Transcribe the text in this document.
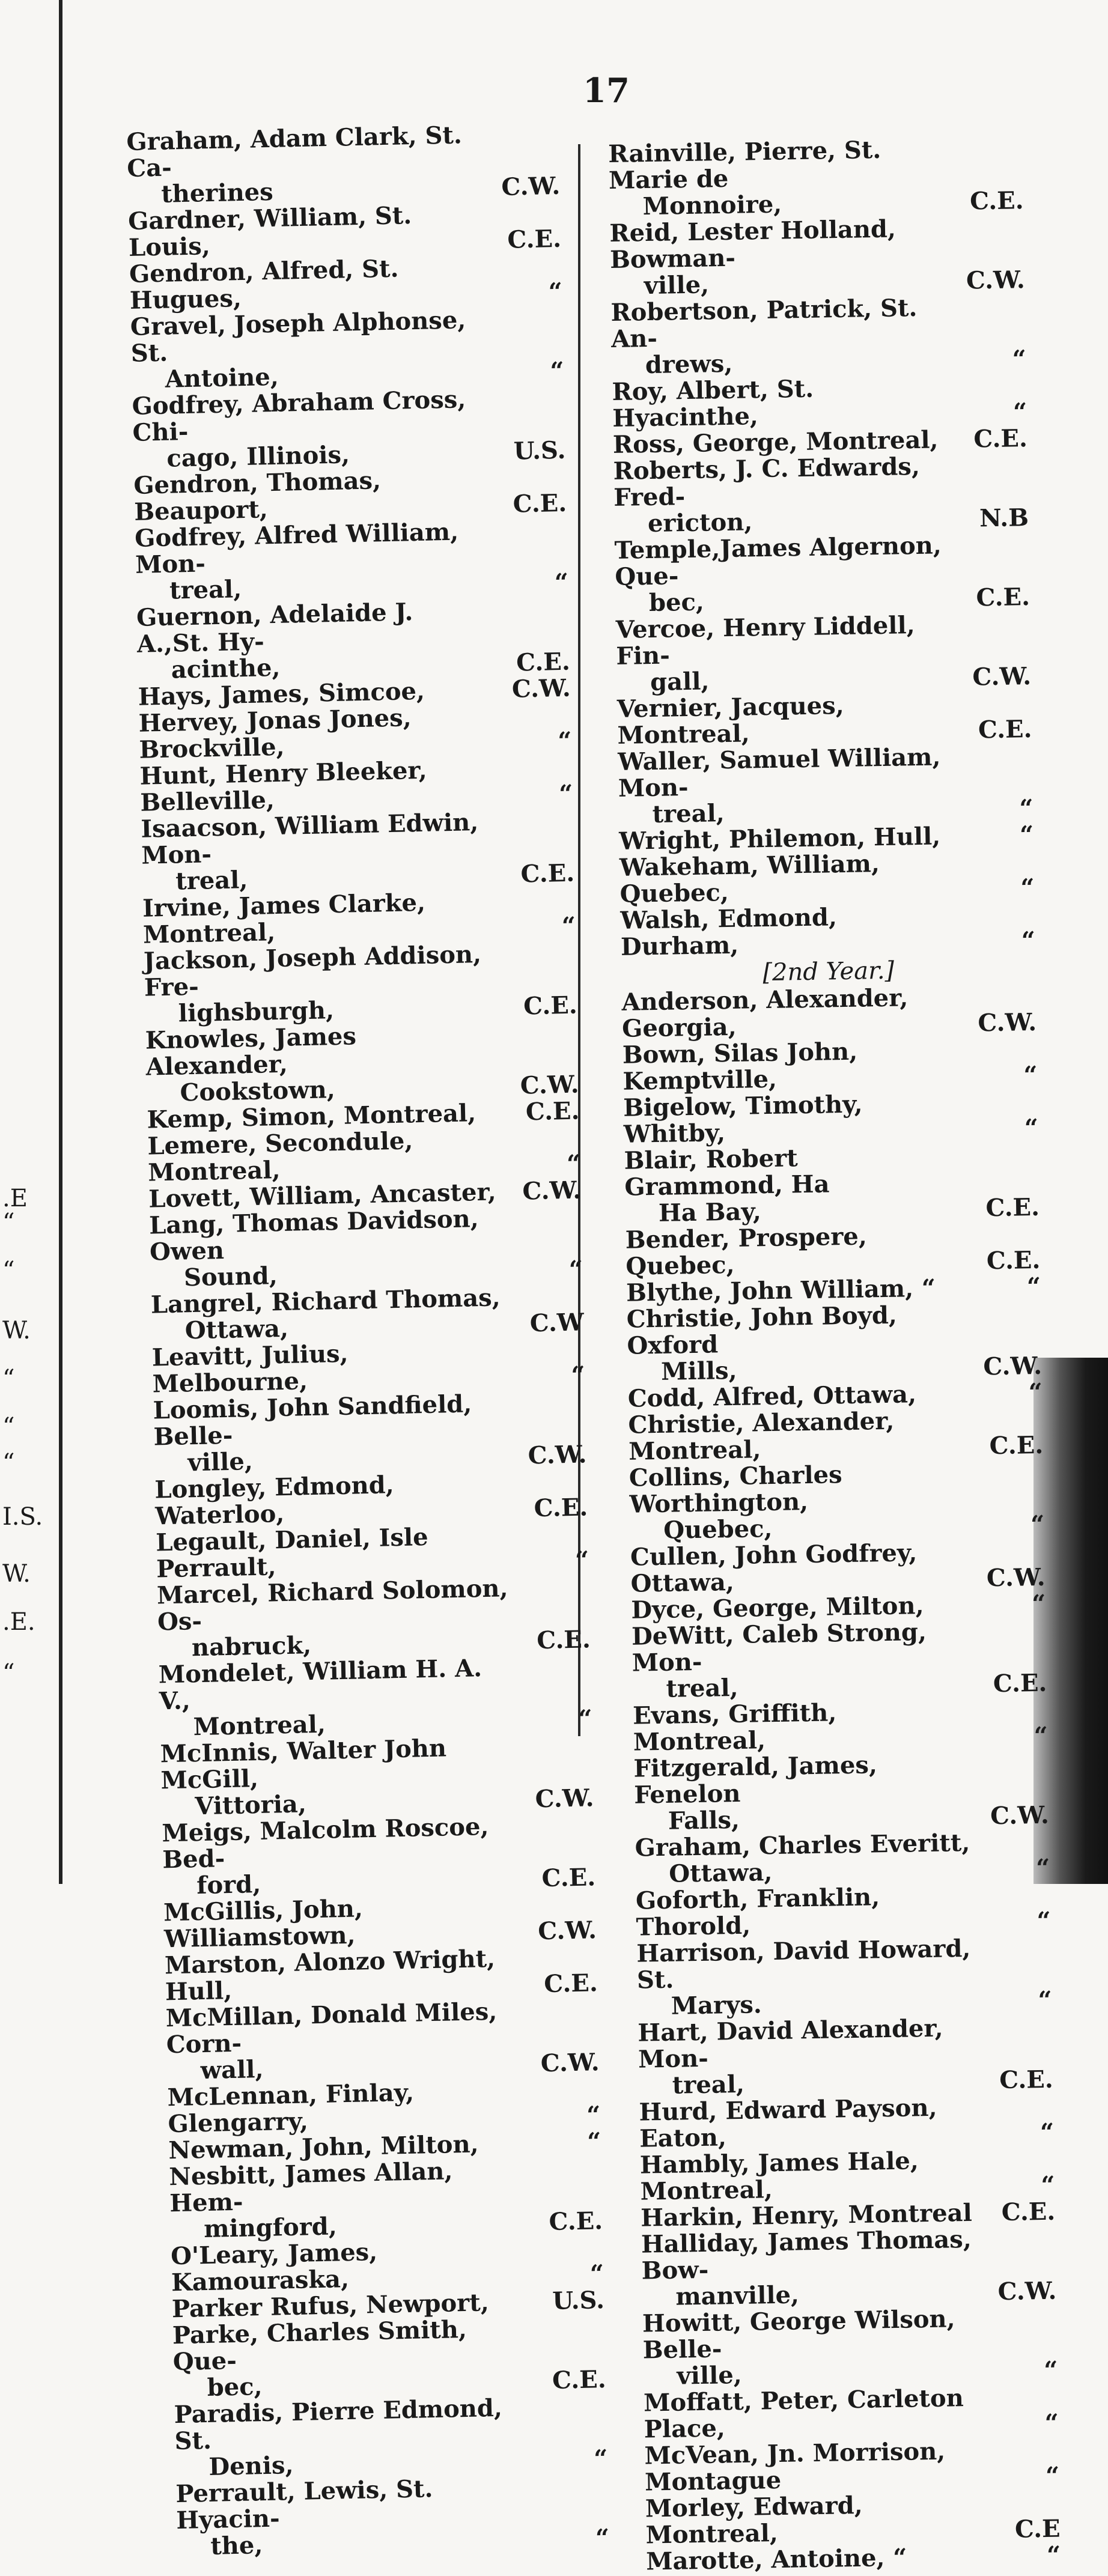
.E
“
“
W.
“
“
“
I.S.
W.
.E.
“
17
Graham, Adam Clark, St. Ca-
therines	C.W.
Gardner, William, St. Louis,	C.E.
Gendron, Alfred, St. Hugues,	“
Gravel, Joseph Alphonse, St.
Antoine,	“
Godfrey, Abraham Cross, Chi-
cago, Illinois,	U.S.
Gendron, Thomas, Beauport,	C.E.
Godfrey, Alfred William, Mon-
treal,	“
Guernon, Adelaide J. A.,St. Hy-
acinthe,	C.E.
Hays, James, Simcoe,	C.W.
Hervey, Jonas Jones, Brockville,	“
Hunt, Henry Bleeker, Belleville,	“
Isaacson, William Edwin, Mon-
treal,	C.E.
Irvine, James Clarke, Montreal,	“
Jackson, Joseph Addison, Fre-
lighsburgh,	C.E.
Knowles, James Alexander,
Cookstown,	C.W.
Kemp, Simon, Montreal,	C.E.
Lemere, Secondule, Montreal,	“
Lovett, William, Ancaster,	C.W.
Lang, Thomas Davidson, Owen
Sound,	“
Langrel, Richard Thomas,
Ottawa,	C.W
Leavitt, Julius, Melbourne,	“
Loomis, John Sandfield, Belle-
ville,	C.W.
Longley, Edmond, Waterloo,	C.E.
Legault, Daniel, Isle Perrault,	“
Marcel, Richard Solomon, Os-
nabruck,	C.E.
Mondelet, William H. A. V.,
Montreal,	“
McInnis, Walter John McGill,
Vittoria,	C.W.
Meigs, Malcolm Roscoe, Bed-
ford,	C.E.
McGillis, John, Williamstown,	C.W.
Marston, Alonzo Wright, Hull,	C.E.
McMillan, Donald Miles, Corn-
wall,	C.W.
McLennan, Finlay, Glengarry,	“
Newman, John, Milton,	“
Nesbitt, James Allan, Hem-
mingford,	C.E.
O'Leary, James, Kamouraska,	“
Parker Rufus, Newport,	U.S.
Parke, Charles Smith, Que-
bec,	C.E.
Paradis, Pierre Edmond, St.
Denis,	“
Perrault, Lewis, St. Hyacin-
the,	“
Rainville, Pierre, St. Marie de
Monnoire,	C.E.
Reid, Lester Holland, Bowman-
ville,	C.W.
Robertson, Patrick, St. An-
drews,	“
Roy, Albert, St. Hyacinthe,	“
Ross, George, Montreal,	C.E.
Roberts, J. C. Edwards, Fred-
ericton,	N.B
Temple,James Algernon, Que-
bec,	C.E.
Vercoe, Henry Liddell, Fin-
gall,	C.W.
Vernier, Jacques, Montreal,	C.E.
Waller, Samuel William, Mon-
treal,	“
Wright, Philemon, Hull,	“
Wakeham, William, Quebec,	“
Walsh, Edmond, Durham,	“
[2nd Year.]
Anderson, Alexander, Georgia,	C.W.
Bown, Silas John, Kemptville,	“
Bigelow, Timothy, Whitby,	“
Blair, Robert Grammond, Ha
Ha Bay,	C.E.
Bender, Prospere, Quebec,	C.E.
Blythe, John William, “	“
Christie, John Boyd, Oxford
Mills,	C.W.
Codd, Alfred, Ottawa,	“
Christie, Alexander, Montreal,	C.E.
Collins, Charles Worthington,
Quebec,	“
Cullen, John Godfrey, Ottawa,	C.W.
Dyce, George, Milton,	“
DeWitt, Caleb Strong, Mon-
treal,	C.E.
Evans, Griffith, Montreal,	“
Fitzgerald, James, Fenelon
Falls,	C.W.
Graham, Charles Everitt,
Ottawa,	“
Goforth, Franklin, Thorold,	“
Harrison, David Howard, St.
Marys.	“
Hart, David Alexander, Mon-
treal,	C.E.
Hurd, Edward Payson, Eaton,	“
Hambly, James Hale, Montreal,	“
Harkin, Henry, Montreal	C.E.
Halliday, James Thomas, Bow-
manville,	C.W.
Howitt, George Wilson, Belle-
ville,	“
Moffatt, Peter, Carleton Place,	“
McVean, Jn. Morrison, Montague	“
Morley, Edward, Montreal,	C.E
Marotte, Antoine, “	“
